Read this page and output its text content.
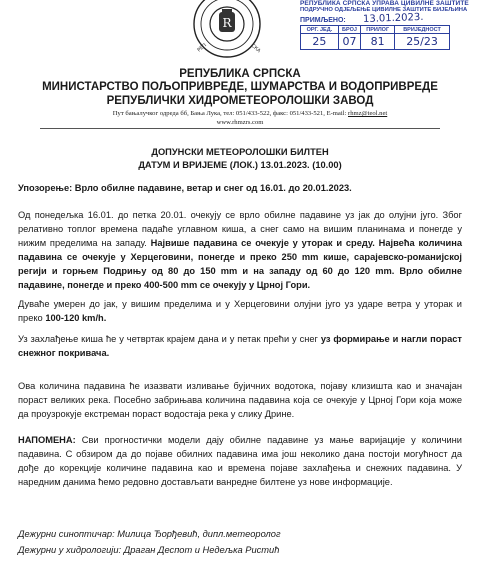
R
РЕП	СКА
РЕПУБЛИКА СРПСКА УПРАВА ЦИВИЛНЕ ЗАШТИТЕ
ПОДРУЧНО ОДЈЕЉЕЊЕ ЦИВИЛНЕ ЗАШТИТЕ БИЈЕЉИНА
ПРИМЉЕНО: 13.01.2023.
ОРГ. ЈЕД.	БРОЈ	ПРИЛОГ	ВРИЈЕДНОСТ
25	07	81	25/23
РЕПУБЛИКА СРПСКА
МИНИСТАРСТВО ПОЉОПРИВРЕДЕ, ШУМАРСТВА И ВОДОПРИВРЕДЕ
РЕПУБЛИЧКИ ХИДРОМЕТЕОРОЛОШКИ ЗАВОД
Пут бањалучког одреда бб, Бања Лука, тел: 051/433-522, факс: 051/433-521, E-mail: rhmz@teol.net
www.rhmzrs.com
ДОПУНСКИ МЕТЕОРОЛОШКИ БИЛТЕН
ДАТУМ И ВРИЈЕМЕ (ЛОК.) 13.01.2023. (10.00)
Упозорење: Врло обилне падавине, ветар и снег од 16.01. до 20.01.2023.
Од понедељка 16.01. до петка 20.01. очекују се врло обилне падавине уз јак до олујни југо. Због релативно топлог времена падаће углавном киша, а снег само на вишим планинама и понегде у нижим пределима на западу. Највише падавина се очекује у уторак и среду. Највећа количина падавина се очекује у Херцеговини, понегде и преко 250 mm кише, сарајевско-романијској регији и горњем Подрињу од 80 до 150 mm и на западу од 60 до 120 mm. Врло обилне падавине, понегде и преко 400-500 mm се очекују у Црној Гори.
Дуваће умерен до јак, у вишим пределима и у Херцеговини олујни југо уз ударе ветра у уторак и преко 100-120 km/h.
Уз захлађење киша ће у четвртак крајем дана и у петак прећи у снег уз формирање и нагли пораст снежног покривача.
Ова количина падавина ће изазвати изливање бујичних водотока, појаву клизишта као и значајан пораст великих река. Посебно забрињава количина падавина која се очекује у Црној Гори која може да проузрокује екстреман пораст водостаја река у слику Дрине.
НАПОМЕНА: Сви прогностички модели дају обилне падавине уз мање варијације у количини падавина. С обзиром да до појаве обилних падавина има још неколико дана постоји могућност да дође до корекције количине падавина као и времена појаве захлађења и снежних падавина. У наредним данима ћемо редовно достављати ванредне билтене уз нове информације.
Дежурни синоптичар: Милица Ђорђевић, дипл.метеоролог
Дежурни у хидрологији: Драган Деспот и Недељка Ристић
